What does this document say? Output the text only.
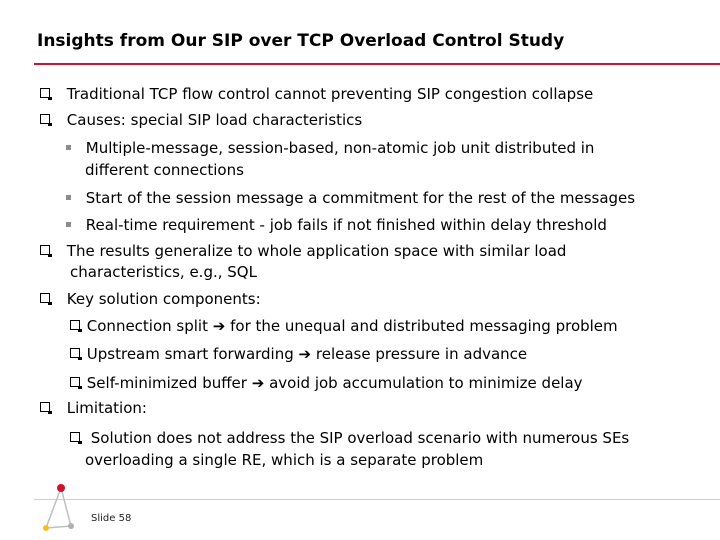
Insights from Our SIP over TCP Overload Control Study
Traditional TCP flow control cannot preventing SIP congestion collapse
Causes: special SIP load characteristics
Multiple-message, session-based, non-atomic job unit distributed in
different connections
Start of the session message a commitment for the rest of the messages
Real-time requirement - job fails if not finished within delay threshold
The results generalize to whole application space with similar load
characteristics, e.g., SQL
Key solution components:
Connection split ➔ for the unequal and distributed messaging problem
Upstream smart forwarding ➔ release pressure in advance
Self-minimized buffer ➔ avoid job accumulation to minimize delay
Limitation:
Solution does not address the SIP overload scenario with numerous SEs
overloading a single RE, which is a separate problem
Slide 58
